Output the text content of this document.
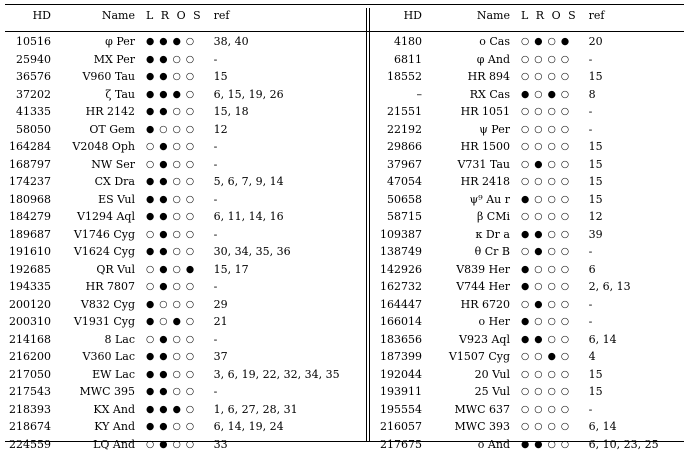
HD	Name	L R O S	ref
10516	φ Per	● ● ● ○	38, 40
25940	MX Per	● ● ○ ○	-
36576	V960 Tau	● ● ○ ○	15
37202	ζ Tau	● ● ● ○	6, 15, 19, 26
41335	HR 2142	● ● ○ ○	15, 18
58050	OT Gem	● ○ ○ ○	12
164284	V2048 Oph	○ ● ○ ○	-
168797	NW Ser	○ ● ○ ○	-
174237	CX Dra	● ● ○ ○	5, 6, 7, 9, 14
180968	ES Vul	● ● ○ ○	-
184279	V1294 Aql	● ● ○ ○	6, 11, 14, 16
189687	V1746 Cyg	○ ● ○ ○	-
191610	V1624 Cyg	● ● ○ ○	30, 34, 35, 36
192685	QR Vul	○ ● ○ ●	15, 17
194335	HR 7807	○ ● ○ ○	-
200120	V832 Cyg	● ○ ○ ○	29
200310	V1931 Cyg	● ○ ● ○	21
214168	8 Lac	○ ● ○ ○	-
216200	V360 Lac	● ● ○ ○	37
217050	EW Lac	● ● ○ ○	3, 6, 19, 22, 32, 34, 35
217543	MWC 395	● ● ○ ○	-
218393	KX And	● ● ● ○	1, 6, 27, 28, 31
218674	KY And	● ● ○ ○	6, 14, 19, 24
224559	LQ And	○ ● ○ ○	33
HD	Name	L R O S	ref
4180	o Cas	○ ● ○ ●	20
6811	φ And	○ ○ ○ ○	-
18552	HR 894	○ ○ ○ ○	15
–	RX Cas	● ○ ● ○	8
21551	HR 1051	○ ○ ○ ○	-
22192	ψ Per	○ ○ ○ ○	-
29866	HR 1500	○ ○ ○ ○	15
37967	V731 Tau	○ ● ○ ○	15
47054	HR 2418	○ ○ ○ ○	15
50658	ψ⁹ Au r	● ○ ○ ○	15
58715	β CMi	○ ○ ○ ○	12
109387	κ Dr a	● ● ○ ○	39
138749	θ Cr B	○ ● ○ ○	-
142926	V839 Her	● ○ ○ ○	6
162732	V744 Her	● ○ ○ ○	2, 6, 13
164447	HR 6720	○ ● ○ ○	-
166014	o Her	● ○ ○ ○	-
183656	V923 Aql	● ● ○ ○	6, 14
187399	V1507 Cyg	○ ○ ● ○	4
192044	20 Vul	○ ○ ○ ○	15
193911	25 Vul	○ ○ ○ ○	15
195554	MWC 637	○ ○ ○ ○	-
216057	MWC 393	○ ○ ○ ○	6, 14
217675	o And	● ● ○ ○	6, 10, 23, 25
